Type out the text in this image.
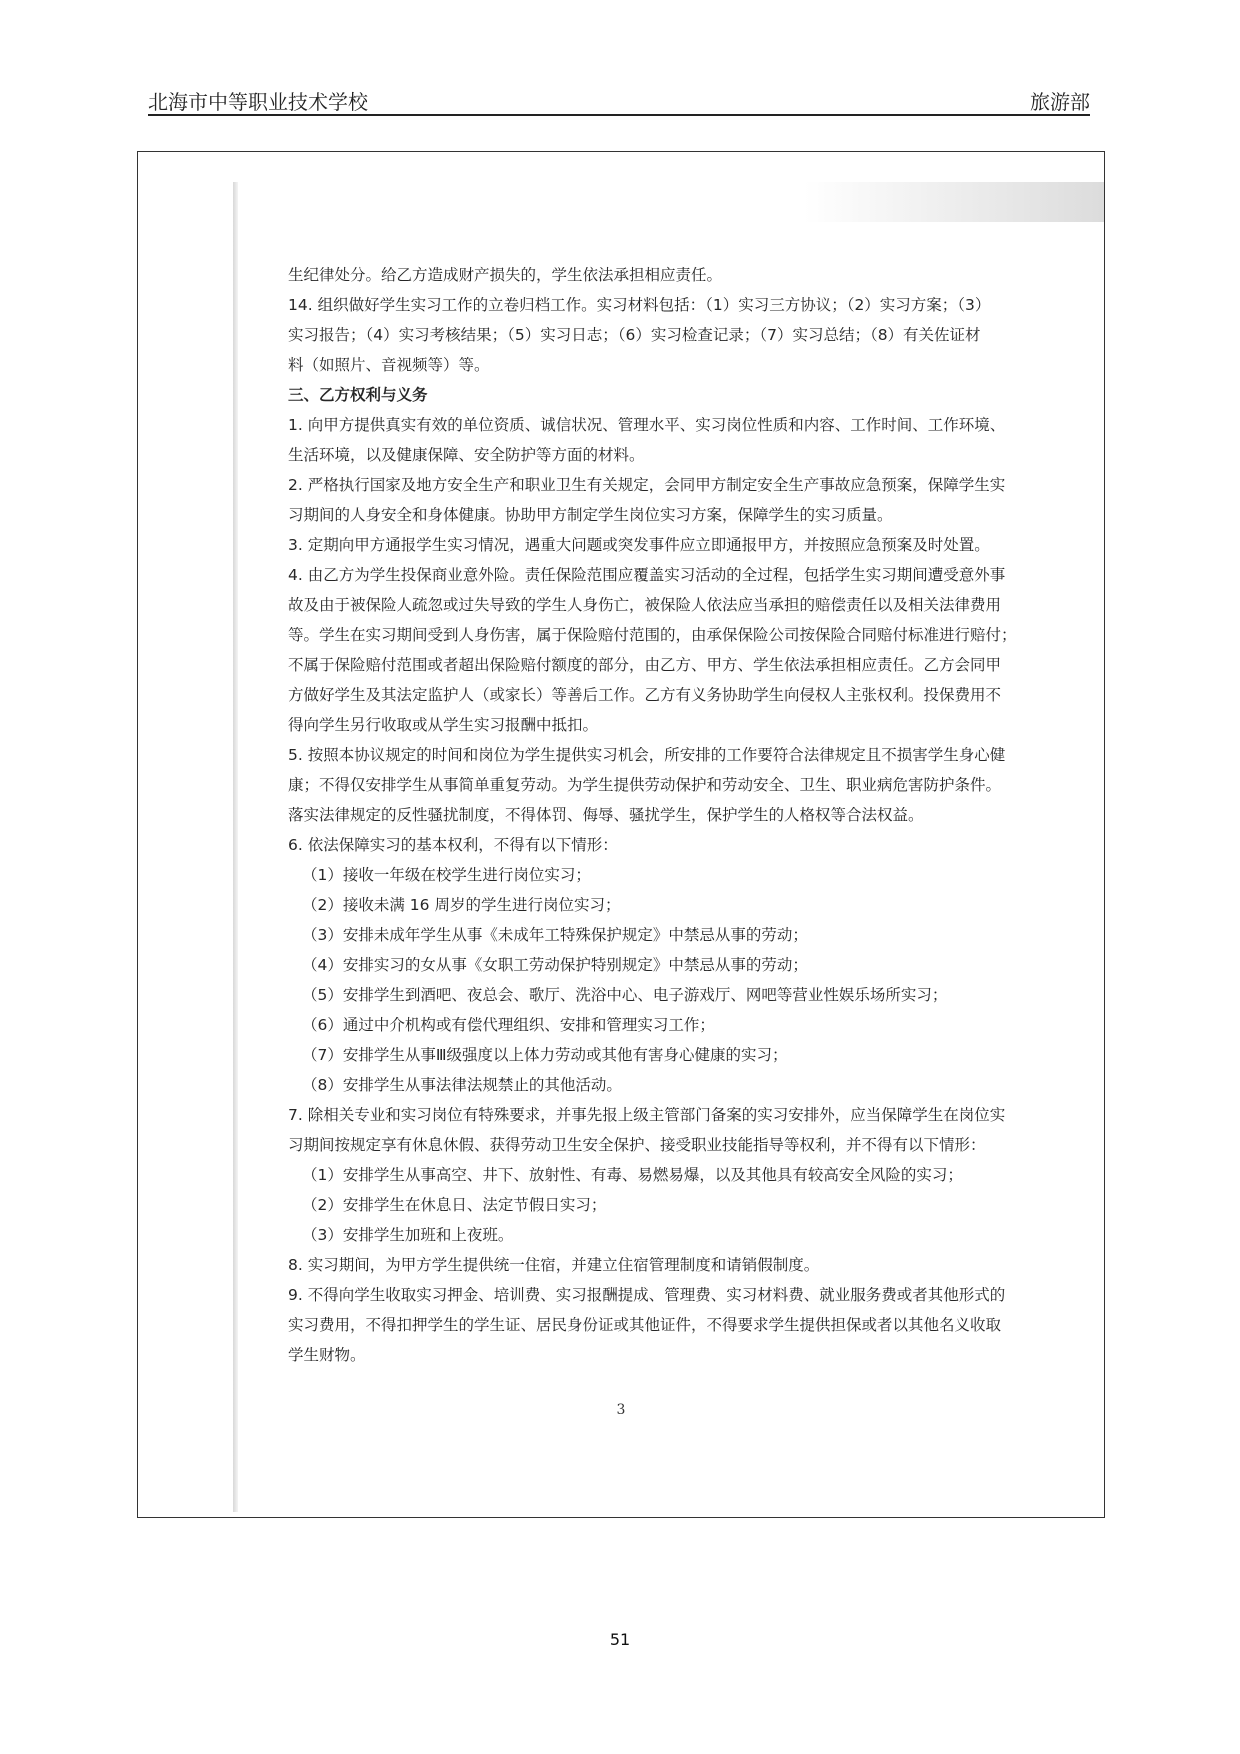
北海市中等职业技术学校	旅游部

生纪律处分。给乙方造成财产损失的，学生依法承担相应责任。

14. 组织做好学生实习工作的立卷归档工作。实习材料包括：（1）实习三方协议；（2）实习方案；（3）

实习报告；（4）实习考核结果；（5）实习日志；（6）实习检查记录；（7）实习总结；（8）有关佐证材

料（如照片、音视频等）等。

三、乙方权利与义务

1. 向甲方提供真实有效的单位资质、诚信状况、管理水平、实习岗位性质和内容、工作时间、工作环境、

生活环境，以及健康保障、安全防护等方面的材料。

2. 严格执行国家及地方安全生产和职业卫生有关规定，会同甲方制定安全生产事故应急预案，保障学生实

习期间的人身安全和身体健康。协助甲方制定学生岗位实习方案，保障学生的实习质量。

3. 定期向甲方通报学生实习情况，遇重大问题或突发事件应立即通报甲方，并按照应急预案及时处置。

4. 由乙方为学生投保商业意外险。责任保险范围应覆盖实习活动的全过程，包括学生实习期间遭受意外事

故及由于被保险人疏忽或过失导致的学生人身伤亡，被保险人依法应当承担的赔偿责任以及相关法律费用

等。学生在实习期间受到人身伤害，属于保险赔付范围的，由承保保险公司按保险合同赔付标准进行赔付；

不属于保险赔付范围或者超出保险赔付额度的部分，由乙方、甲方、学生依法承担相应责任。乙方会同甲

方做好学生及其法定监护人（或家长）等善后工作。乙方有义务协助学生向侵权人主张权利。投保费用不

得向学生另行收取或从学生实习报酬中抵扣。

5. 按照本协议规定的时间和岗位为学生提供实习机会，所安排的工作要符合法律规定且不损害学生身心健

康；不得仅安排学生从事简单重复劳动。为学生提供劳动保护和劳动安全、卫生、职业病危害防护条件。

落实法律规定的反性骚扰制度，不得体罚、侮辱、骚扰学生，保护学生的人格权等合法权益。

6. 依法保障实习的基本权利，不得有以下情形：

（1）接收一年级在校学生进行岗位实习；

（2）接收未满 16 周岁的学生进行岗位实习；

（3）安排未成年学生从事《未成年工特殊保护规定》中禁忌从事的劳动；

（4）安排实习的女从事《女职工劳动保护特别规定》中禁忌从事的劳动；

（5）安排学生到酒吧、夜总会、歌厅、洗浴中心、电子游戏厅、网吧等营业性娱乐场所实习；

（6）通过中介机构或有偿代理组织、安排和管理实习工作；

（7）安排学生从事Ⅲ级强度以上体力劳动或其他有害身心健康的实习；

（8）安排学生从事法律法规禁止的其他活动。

7. 除相关专业和实习岗位有特殊要求，并事先报上级主管部门备案的实习安排外，应当保障学生在岗位实

习期间按规定享有休息休假、获得劳动卫生安全保护、接受职业技能指导等权利，并不得有以下情形：

（1）安排学生从事高空、井下、放射性、有毒、易燃易爆，以及其他具有较高安全风险的实习；

（2）安排学生在休息日、法定节假日实习；

（3）安排学生加班和上夜班。

8. 实习期间，为甲方学生提供统一住宿，并建立住宿管理制度和请销假制度。

9. 不得向学生收取实习押金、培训费、实习报酬提成、管理费、实习材料费、就业服务费或者其他形式的

实习费用，不得扣押学生的学生证、居民身份证或其他证件，不得要求学生提供担保或者以其他名义收取

学生财物。

3
51
